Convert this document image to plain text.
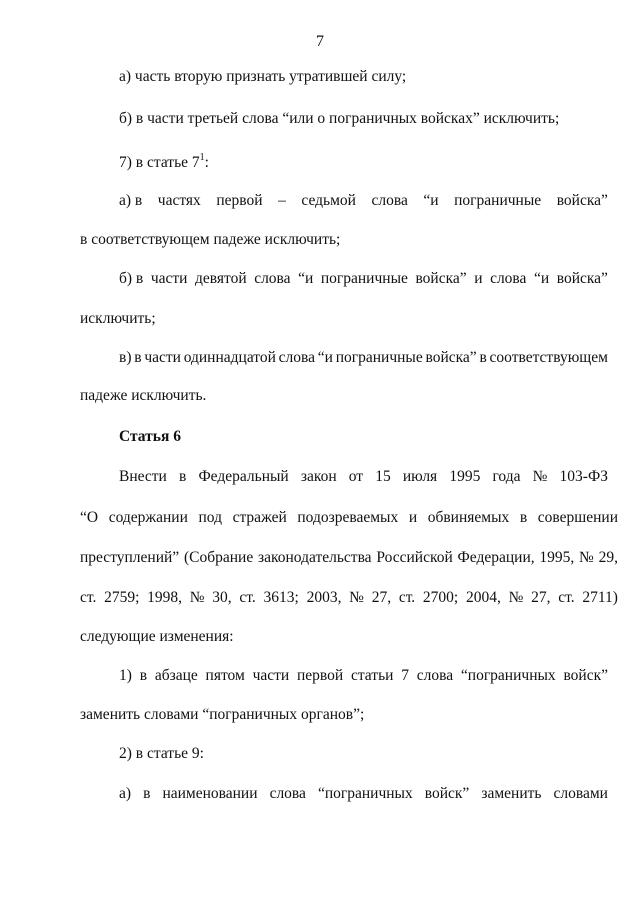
7
а) часть вторую признать утратившей силу;
б) в части третьей слова “или о пограничных войсках” исключить;
7) в статье $7^1$:
а) в частях первой – седьмой слова “и пограничные войска”
в соответствующем падеже исключить;
б) в части девятой слова “и пограничные войска” и слова “и войска”
исключить;
в) в части одиннадцатой слова “и пограничные войска” в соответствующем
падеже исключить.
Статья 6
Внести в Федеральный закон от 15 июля 1995 года № 103-ФЗ
“О содержании под стражей подозреваемых и обвиняемых в совершении
преступлений” (Собрание законодательства Российской Федерации, 1995, № 29,
ст. 2759; 1998, № 30, ст. 3613; 2003, № 27, ст. 2700; 2004, № 27, ст. 2711)
следующие изменения:
1) в абзаце пятом части первой статьи 7 слова “пограничных войск”
заменить словами “пограничных органов”;
2) в статье 9:
а) в наименовании слова “пограничных войск” заменить словами
